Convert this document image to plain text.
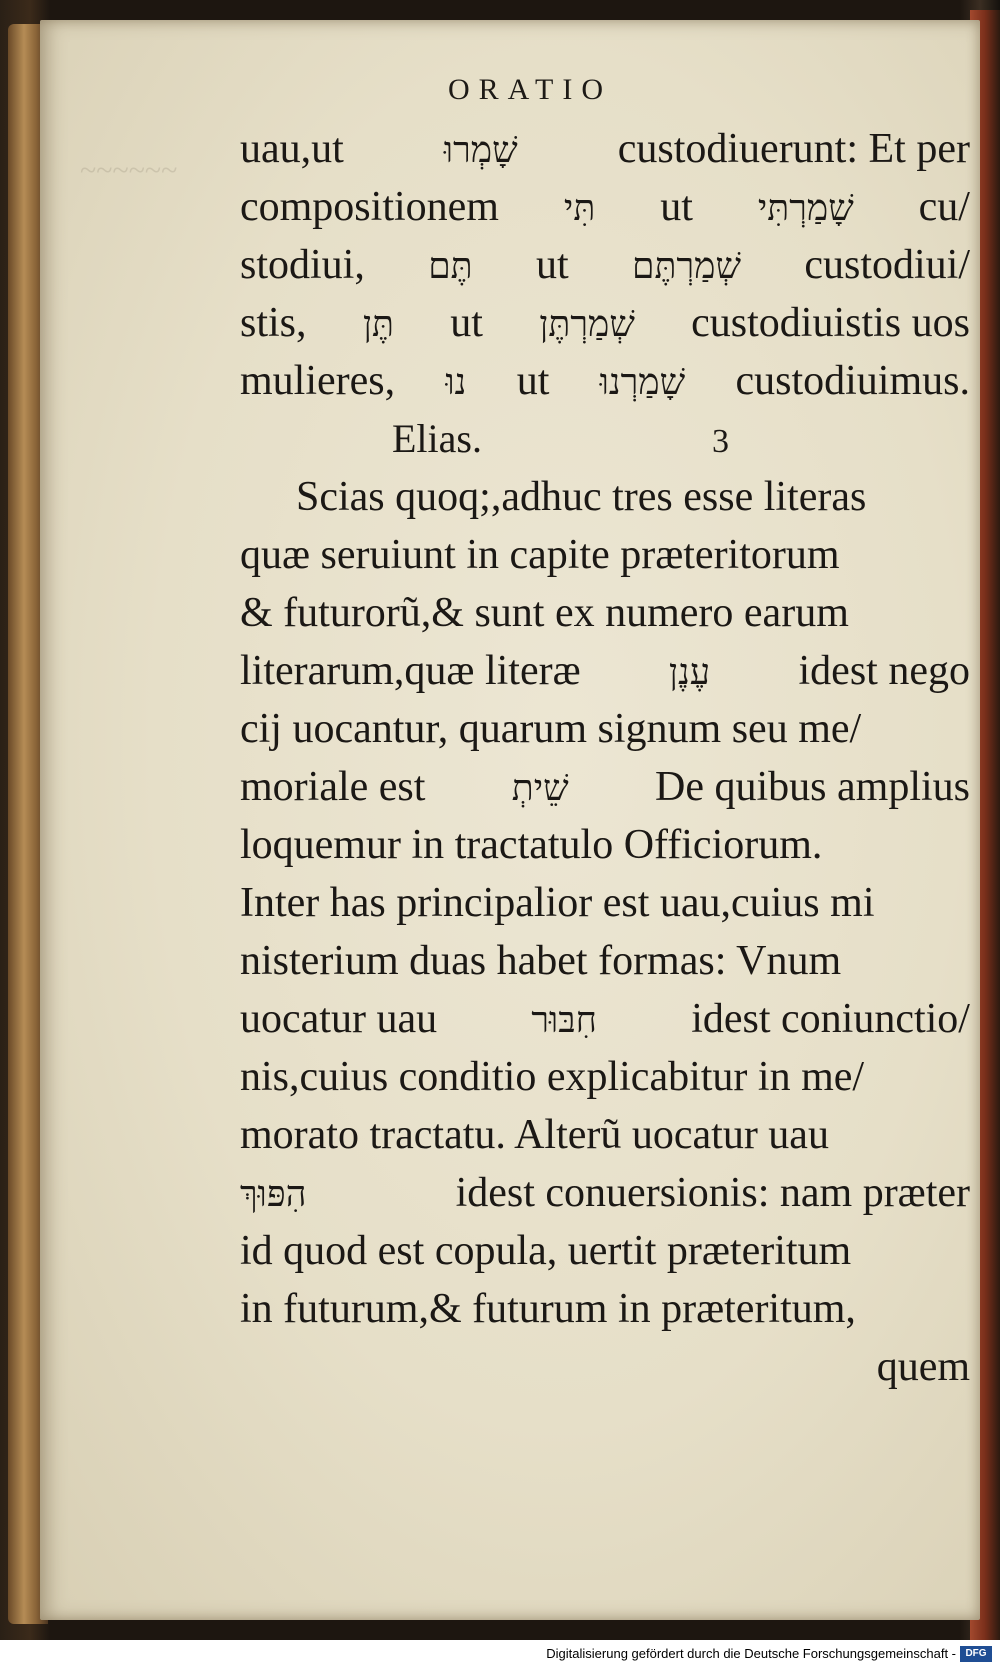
~~~~~~
ORATIO
uau,ut	שָׁמְרוּ custodiuerunt: Et per
compositionem תִּי ut שָׁמַרְתִּי cu/
stodiui, תֶּם ut שְׁמַרְתֶּם custodiui/
stis, תֶּן ut שְׁמַרְתֶּן custodiuistis uos
mulieres, נוּ ut שָׁמַרְנוּ custodiuimus.
Elias.	3
Scias quoq;,adhuc tres esse literas
quæ seruiunt in capite præteritorum
& futurorũ,& sunt ex numero earum
literarum,quæ literæ עֶנֶן idest nego
cij uocantur, quarum signum seu me/
moriale est שֵׁיתְ De quibus amplius
loquemur in tractatulo Officiorum.
Inter has principalior est uau,cuius mi
nisterium duas habet formas: Vnum
uocatur uau	חִבּוּר idest coniunctio/
nis,cuius conditio explicabitur in me/
morato tractatu. Alterũ uocatur uau
הִפּוּךְ	idest conuersionis: nam præter
id quod est copula, uertit præteritum
in futurum,& futurum in præteritum,
quem
Digitalisierung gefördert durch die Deutsche Forschungsgemeinschaft - DFG
